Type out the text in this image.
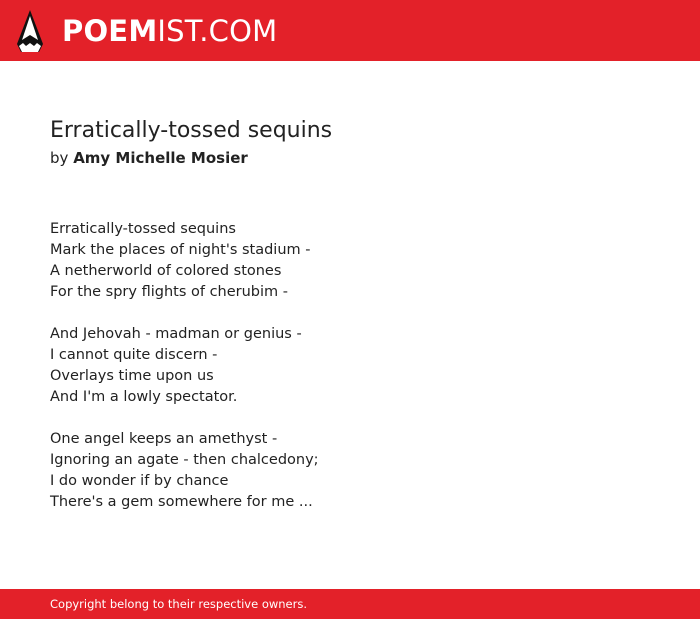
POEMIST.COM
Erratically-tossed sequins
by Amy Michelle Mosier
Erratically-tossed sequins
Mark the places of night's stadium -
A netherworld of colored stones
For the spry flights of cherubim -
And Jehovah - madman or genius -
I cannot quite discern -
Overlays time upon us
And I'm a lowly spectator.
One angel keeps an amethyst -
Ignoring an agate - then chalcedony;
I do wonder if by chance
There's a gem somewhere for me ...
Copyright belong to their respective owners.
